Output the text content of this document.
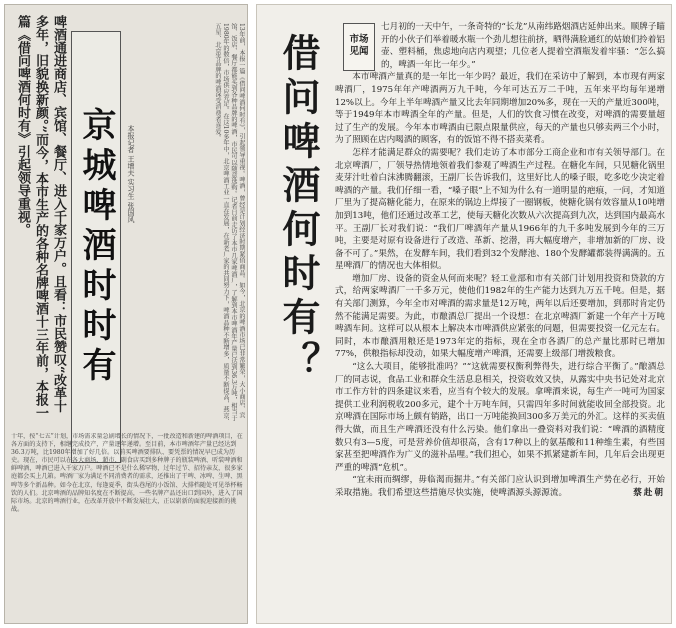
13年前，本报一篇《借问啤酒何时有》，引起领导重视。啤酒，曾经是计划经济时期紧俏商品。如今，北京的啤酒市场已非常繁荣，大小商店、宾馆、饭店、餐厅都能买到各种品牌的啤酒，市民可以随意选购。记者日前走访了本市几家啤酒厂，了解到本市啤酒年产量已达到36.3万吨，相当于1980年的数倍，市场供应充足。在这10多年中，北京啤酒工业一直在发展，在新老厂家的共同努力下，啤酒品种不断增多，质量不断提高，燕京、五星、北京等品牌的啤酒深受消费者喜爱。
本报记者 王增夫 实习生 张国风
京城啤酒时时有
啤酒通进商店、宾馆、餐厅、进入千家万户。且看：市民赞叹“改革十多年，旧貌换新颜。”而今，本市生产的各种名牌啤酒十三年前，本报一篇《借问啤酒何时有》引起领导重视。
十年，按“七五”计划，市场需求量急剧增长的情况下，一批改造和新建的啤酒项目，在各方面的支持下，相继完成投产，产量逐年递增。至目前，本市啤酒年产量已经达到36.3万吨，比1980年增加了好几倍。以前买啤酒要排队、要凭票的情况早已成为历史。现在，市民可以在各大商场、超市、副食店买到多种牌子的瓶装啤酒、听装啤酒和鲜啤酒，啤酒已进入千家万户。啤酒已不是什么稀罕物，过年过节、招待亲友，很多家庭都会买上几箱。啤酒厂家为满足不同消费者的需求，还推出了干啤、冰啤、生啤、黑啤等多个新品种。如今在北京，每逢夏季，街头巷尾的小饭馆、大排档随处可见举杯畅饮的人们。北京啤酒的品牌知名度在不断提高，一些名牌产品还出口到国外，进入了国际市场。北京的啤酒行业，在改革开放中不断发展壮大，正以崭新的面貌迎接新的挑战。
借问啤酒何时有？

七月初的一天中午，一条奇特的“长龙”从南纬路烟酒店延伸出来。顺牌子瞄开的小伙子们举着暖水瓶一个劲儿想往前挤，晒得满脸通红的姑娘们拎着铝壶、塑料桶，焦虑地向店内观望；几位老人提着空酒瓶发着牢骚：“怎么搞的，啤酒一年比一年少。”

本市啤酒产量真的是一年比一年少吗？最近，我们在采访中了解到，本市现有两家啤酒厂，1975年年产啤酒两万九千吨，今年可达五万二千吨，五年来平均每年递增12%以上。今年上半年啤酒产量又比去年同期增加20%多，现在一天的产量近300吨，等于1949年本市啤酒全年的产量。但是，人们的饮食习惯在改变，对啤酒的需要量超过了生产的发展。今年本市啤酒由已限点限量供应，每天的产量也只够卖两三个小时，为了照顾在店内喝酒的顾客，有的饭馆不得不搭卖菜肴。

怎样才能满足群众的需要呢？我们走访了本市部分工商企业和市有关领导部门。在北京啤酒厂，厂领导热情地领着我们参观了啤酒生产过程。在糖化车间，只见糖化锅里麦芽汁吐着白沫沸腾翻滚，王副厂长告诉我们，这里好比人的嗓子眼，吃多吃少决定着啤酒的产量。我们仔细一看，“嗓子眼”上不知为什么有一道明显的疤痕，一问，才知道厂里为了提高糖化能力，在原来的锅边上焊接了一圈钢板，使糖化锅有效容量从10吨增加到13吨，他们还通过改革工艺，使每天糖化次数从六次提高到九次，达到国内最高水平。王副厂长对我们说：“我们厂啤酒年产量从1966年的九千多吨发展到今年的三万吨，主要是对原有设备进行了改造、革新、挖潜，再大幅度增产，非增加新的厂房、设备不可了。”果然，在发酵车间，我们看到32个发酵池、180个发酵罐都装得满满的。五星啤酒厂的情况也大体相似。

增加厂房、设备的资金从何而来呢？轻工业部和市有关部门计划用投资和贷款的方式，给两家啤酒厂一千多万元，使他们1982年的生产能力达到九万五千吨。但是，据有关部门测算，今年全市对啤酒的需求量是12万吨，两年以后还要增加，到那时肯定仍然不能满足需要。为此，市酿酒总厂提出一个设想：在北京啤酒厂新建一个年产十万吨啤酒车间。这样可以从根本上解决本市啤酒供应紧张的问题，但需要投资一亿元左右。同时，本市酿酒用粮还是1973年定的指标，现在全市各酒厂的总产量比那时已增加77%，供粮指标却没动，如果大幅度增产啤酒，还需要上级部门增拨粮食。

“这么大项目，能够批准吗？”“这就需要权衡利弊得失，进行综合平衡了。”酿酒总厂的同志说，食品工业和群众生活息息相关，投资收效又快，从露实中央书记处对北京市工作方针的四条建议来看，应当有个较大的发展。拿啤酒来说，每生产一吨可为国家提供工业利润税收200多元，建个十万吨车间，只需四年多时间就能收回全部投资。北京啤酒在国际市场上颇有销路，出口一万吨能换回300多万美元的外汇。这样的买卖值得大做，而且生产啤酒还没有什么污染。他们拿出一叠资料对我们说：“啤酒的酒精度数只有3—5度，可是营养价值却很高，含有17种以上的氨基酸和11种维生素，有些国家甚至把啤酒作为广义的滋补品哩。”我们担心，如果不抓紧建新车间，几年后会出现更严重的啤酒“危机”。

“宜未雨而绸缪，毋临渴而掘井。”有关部门应认识到增加啤酒生产势在必行，开始采取措施。我们希望这些措施尽快实施，使啤酒源头源源流。	蔡赴朝

市场
见闻
